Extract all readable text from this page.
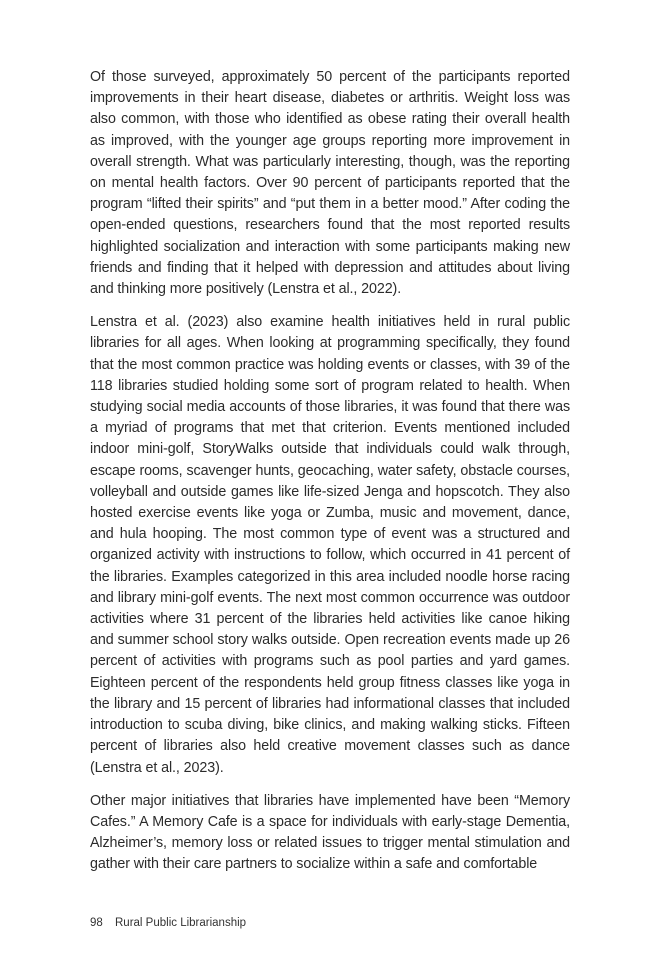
Of those surveyed, approximately 50 percent of the participants reported improvements in their heart disease, diabetes or arthritis. Weight loss was also common, with those who identified as obese rating their overall health as improved, with the younger age groups reporting more improvement in overall strength. What was particularly interesting, though, was the reporting on mental health factors. Over 90 percent of participants reported that the program “lifted their spirits” and “put them in a better mood.” After coding the open-ended questions, researchers found that the most reported results highlighted socialization and interaction with some participants making new friends and finding that it helped with depression and attitudes about living and thinking more positively (Lenstra et al., 2022).

Lenstra et al. (2023) also examine health initiatives held in rural public libraries for all ages. When looking at programming specifically, they found that the most common practice was holding events or classes, with 39 of the 118 libraries studied holding some sort of program related to health. When studying social media accounts of those libraries, it was found that there was a myriad of programs that met that criterion. Events mentioned included indoor mini-golf, StoryWalks outside that individuals could walk through, escape rooms, scavenger hunts, geocaching, water safety, obstacle courses, volleyball and outside games like life-sized Jenga and hopscotch. They also hosted exercise events like yoga or Zumba, music and movement, dance, and hula hooping. The most common type of event was a structured and organized activity with instructions to follow, which occurred in 41 percent of the libraries. Examples categorized in this area included noodle horse racing and library mini-golf events. The next most common occurrence was outdoor activities where 31 percent of the libraries held activities like canoe hiking and summer school story walks outside. Open recreation events made up 26 percent of activities with programs such as pool parties and yard games. Eighteen percent of the respondents held group fitness classes like yoga in the library and 15 percent of libraries had informational classes that included introduction to scuba diving, bike clinics, and making walking sticks. Fifteen percent of libraries also held creative movement classes such as dance (Lenstra et al., 2023).

Other major initiatives that libraries have implemented have been “Memory Cafes.” A Memory Cafe is a space for individuals with early-stage Dementia, Alzheimer’s, memory loss or related issues to trigger mental stimulation and gather with their care partners to socialize within a safe and comfortable

98 Rural Public Librarianship
